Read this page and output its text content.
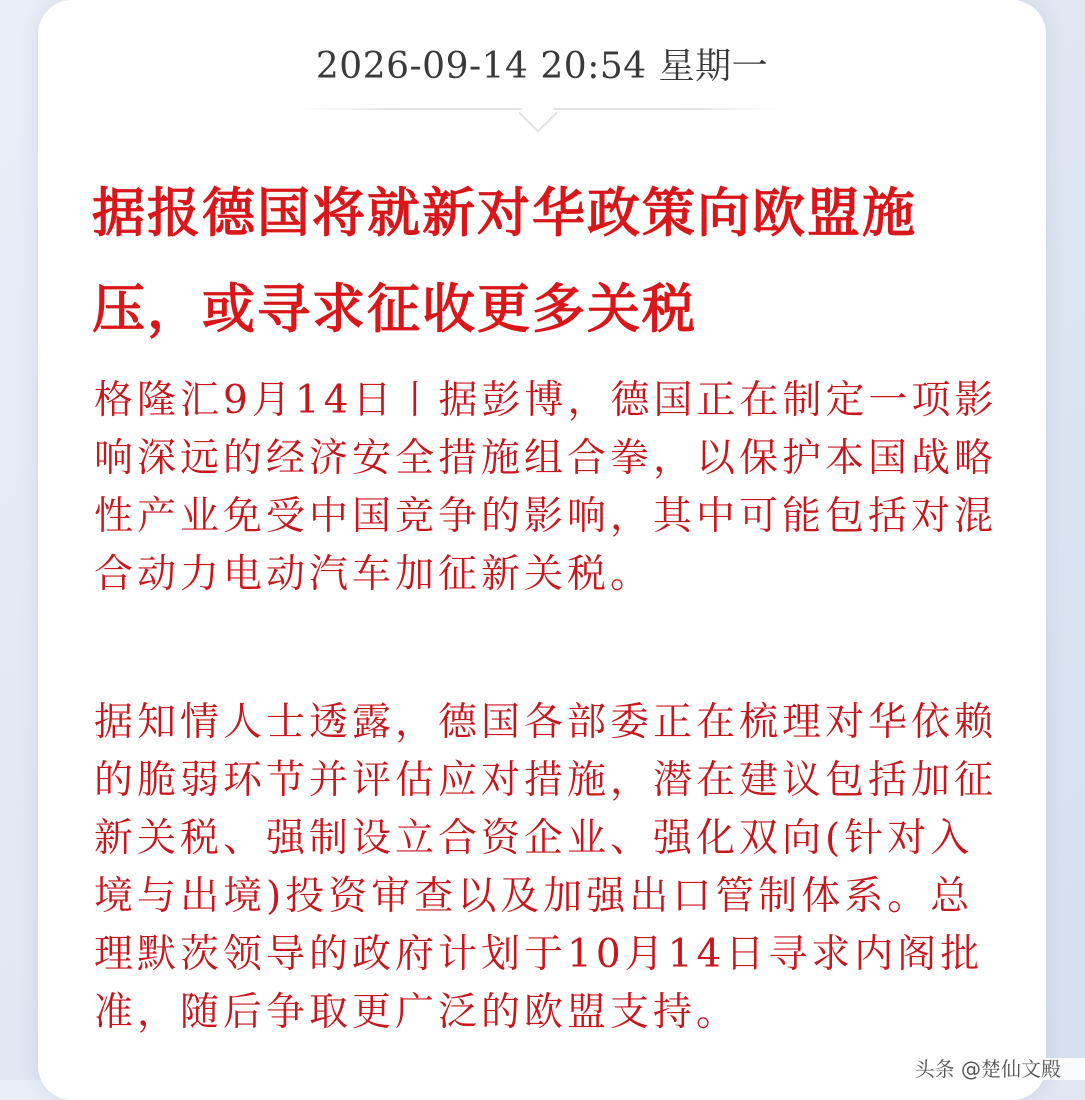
2026-09-14 20:54 星期一
据报德国将就新对华政策向欧盟施压，或寻求征收更多关税

格隆汇9月14日丨据彭博，德国正在制定一项影响深远的经济安全措施组合拳，以保护本国战略性产业免受中国竞争的影响，其中可能包括对混合动力电动汽车加征新关税。

据知情人士透露，德国各部委正在梳理对华依赖的脆弱环节并评估应对措施，潜在建议包括加征新关税、强制设立合资企业、强化双向(针对入境与出境)投资审查以及加强出口管制体系。总理默茨领导的政府计划于10月14日寻求内阁批准，随后争取更广泛的欧盟支持。

头条 @楚仙文殿
